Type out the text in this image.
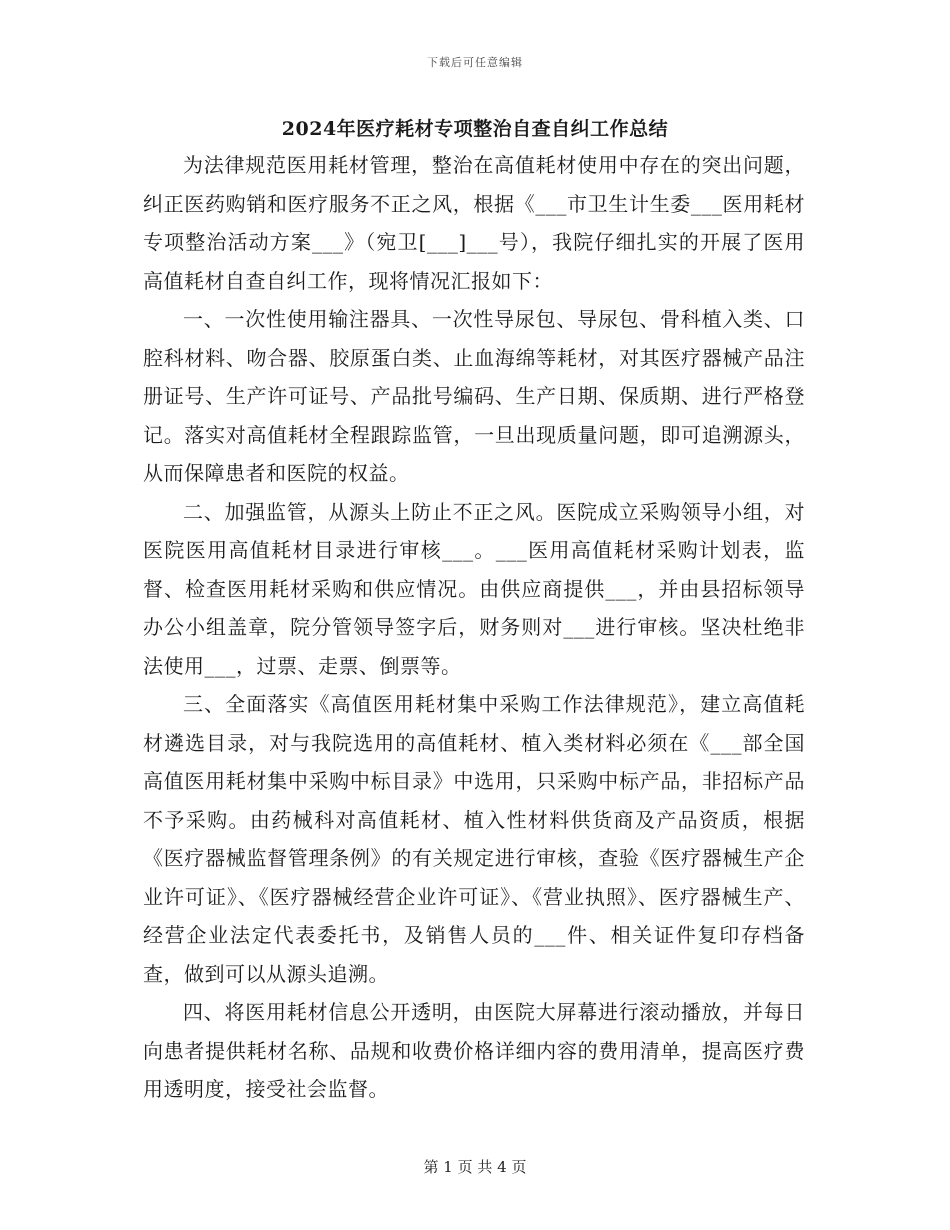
下载后可任意编辑
2024年医疗耗材专项整治自查自纠工作总结

为法律规范医用耗材管理，整治在高值耗材使用中存在的突出问题，纠正医药购销和医疗服务不正之风，根据《___市卫生计生委___医用耗材专项整治活动方案___》（宛卫[___]___号），我院仔细扎实的开展了医用高值耗材自查自纠工作，现将情况汇报如下：

一、一次性使用输注器具、一次性导尿包、导尿包、骨科植入类、口腔科材料、吻合器、胶原蛋白类、止血海绵等耗材，对其医疗器械产品注册证号、生产许可证号、产品批号编码、生产日期、保质期、进行严格登记。落实对高值耗材全程跟踪监管，一旦出现质量问题，即可追溯源头，从而保障患者和医院的权益。

二、加强监管，从源头上防止不正之风。医院成立采购领导小组，对医院医用高值耗材目录进行审核___。___医用高值耗材采购计划表，监督、检查医用耗材采购和供应情况。由供应商提供___，并由县招标领导办公小组盖章，院分管领导签字后，财务则对___进行审核。坚决杜绝非法使用___，过票、走票、倒票等。

三、全面落实《高值医用耗材集中采购工作法律规范》，建立高值耗材遴选目录，对与我院选用的高值耗材、植入类材料必须在《___部全国高值医用耗材集中采购中标目录》中选用，只采购中标产品，非招标产品不予采购。由药械科对高值耗材、植入性材料供货商及产品资质，根据《医疗器械监督管理条例》的有关规定进行审核，查验《医疗器械生产企业许可证》、《医疗器械经营企业许可证》、《营业执照》、医疗器械生产、经营企业法定代表委托书，及销售人员的___件、相关证件复印存档备查，做到可以从源头追溯。

四、将医用耗材信息公开透明，由医院大屏幕进行滚动播放，并每日向患者提供耗材名称、品规和收费价格详细内容的费用清单，提高医疗费用透明度，接受社会监督。

第 1 页 共 4 页
